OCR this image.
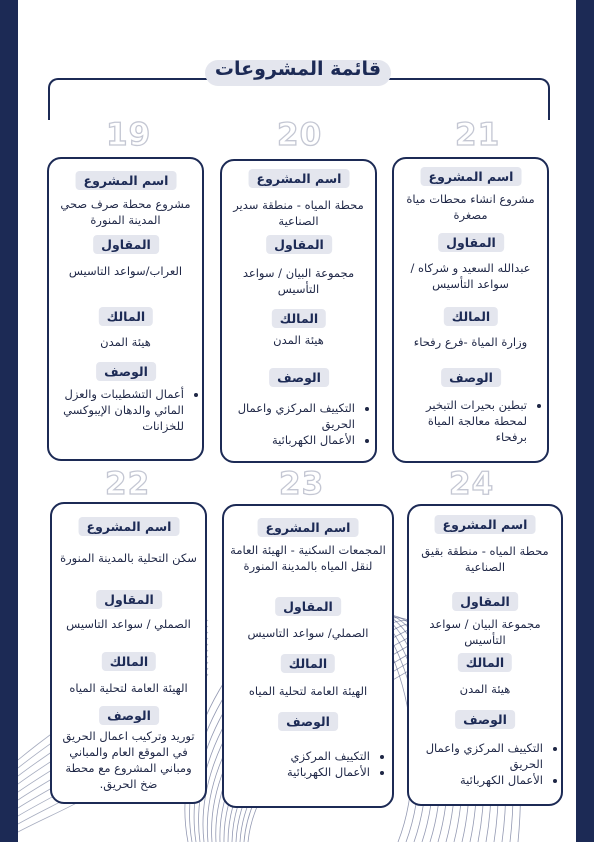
قائمة المشروعات
21
20
19
24
23
22
اسم المشروع
مشروع انشاء محطات مياة مصغرة
المقاول
عبدالله السعيد و شركاه / سواعد التأسيس
المالك
وزارة المياة -فرع رفحاء
الوصف
• تبطين بحيرات التبخير لمحطة معالجة المياة برفحاء
اسم المشروع
محطة المياه - منطقة سدير الصناعية
المقاول
مجموعة البيان / سواعد التأسيس
المالك
هيئة المدن
الوصف
• التكييف المركزي واعمال الحريق
• الأعمال الكهربائية
اسم المشروع
مشروع محطة صرف صحي المدينة المنورة
المقاول
العراب/سواعد التاسيس
المالك
هيئة المدن
الوصف
• أعمال التشطيبات والعزل المائي والدهان الإيبوكسي للخزانات
اسم المشروع
محطة المياه - منطقة بقيق الصناعية
المقاول
مجموعة البيان / سواعد التأسيس
المالك
هيئة المدن
الوصف
• التكييف المركزي واعمال الحريق
• الأعمال الكهربائية
اسم المشروع
المجمعات السكنية - الهيئة العامة لنقل المياه بالمدينة المنورة
المقاول
الصملي/ سواعد التاسيس
المالك
الهيئة العامة لتحلية المياه
الوصف
• التكييف المركزي
• الأعمال الكهربائية
اسم المشروع
سكن التحلية بالمدينة المنورة
المقاول
الصملي / سواعد التاسيس
المالك
الهيئة العامة لتحلية المياه
الوصف
توريد وتركيب اعمال الحريق في الموقع العام والمباني ومباني المشروع مع محطة ضخ الحريق.
